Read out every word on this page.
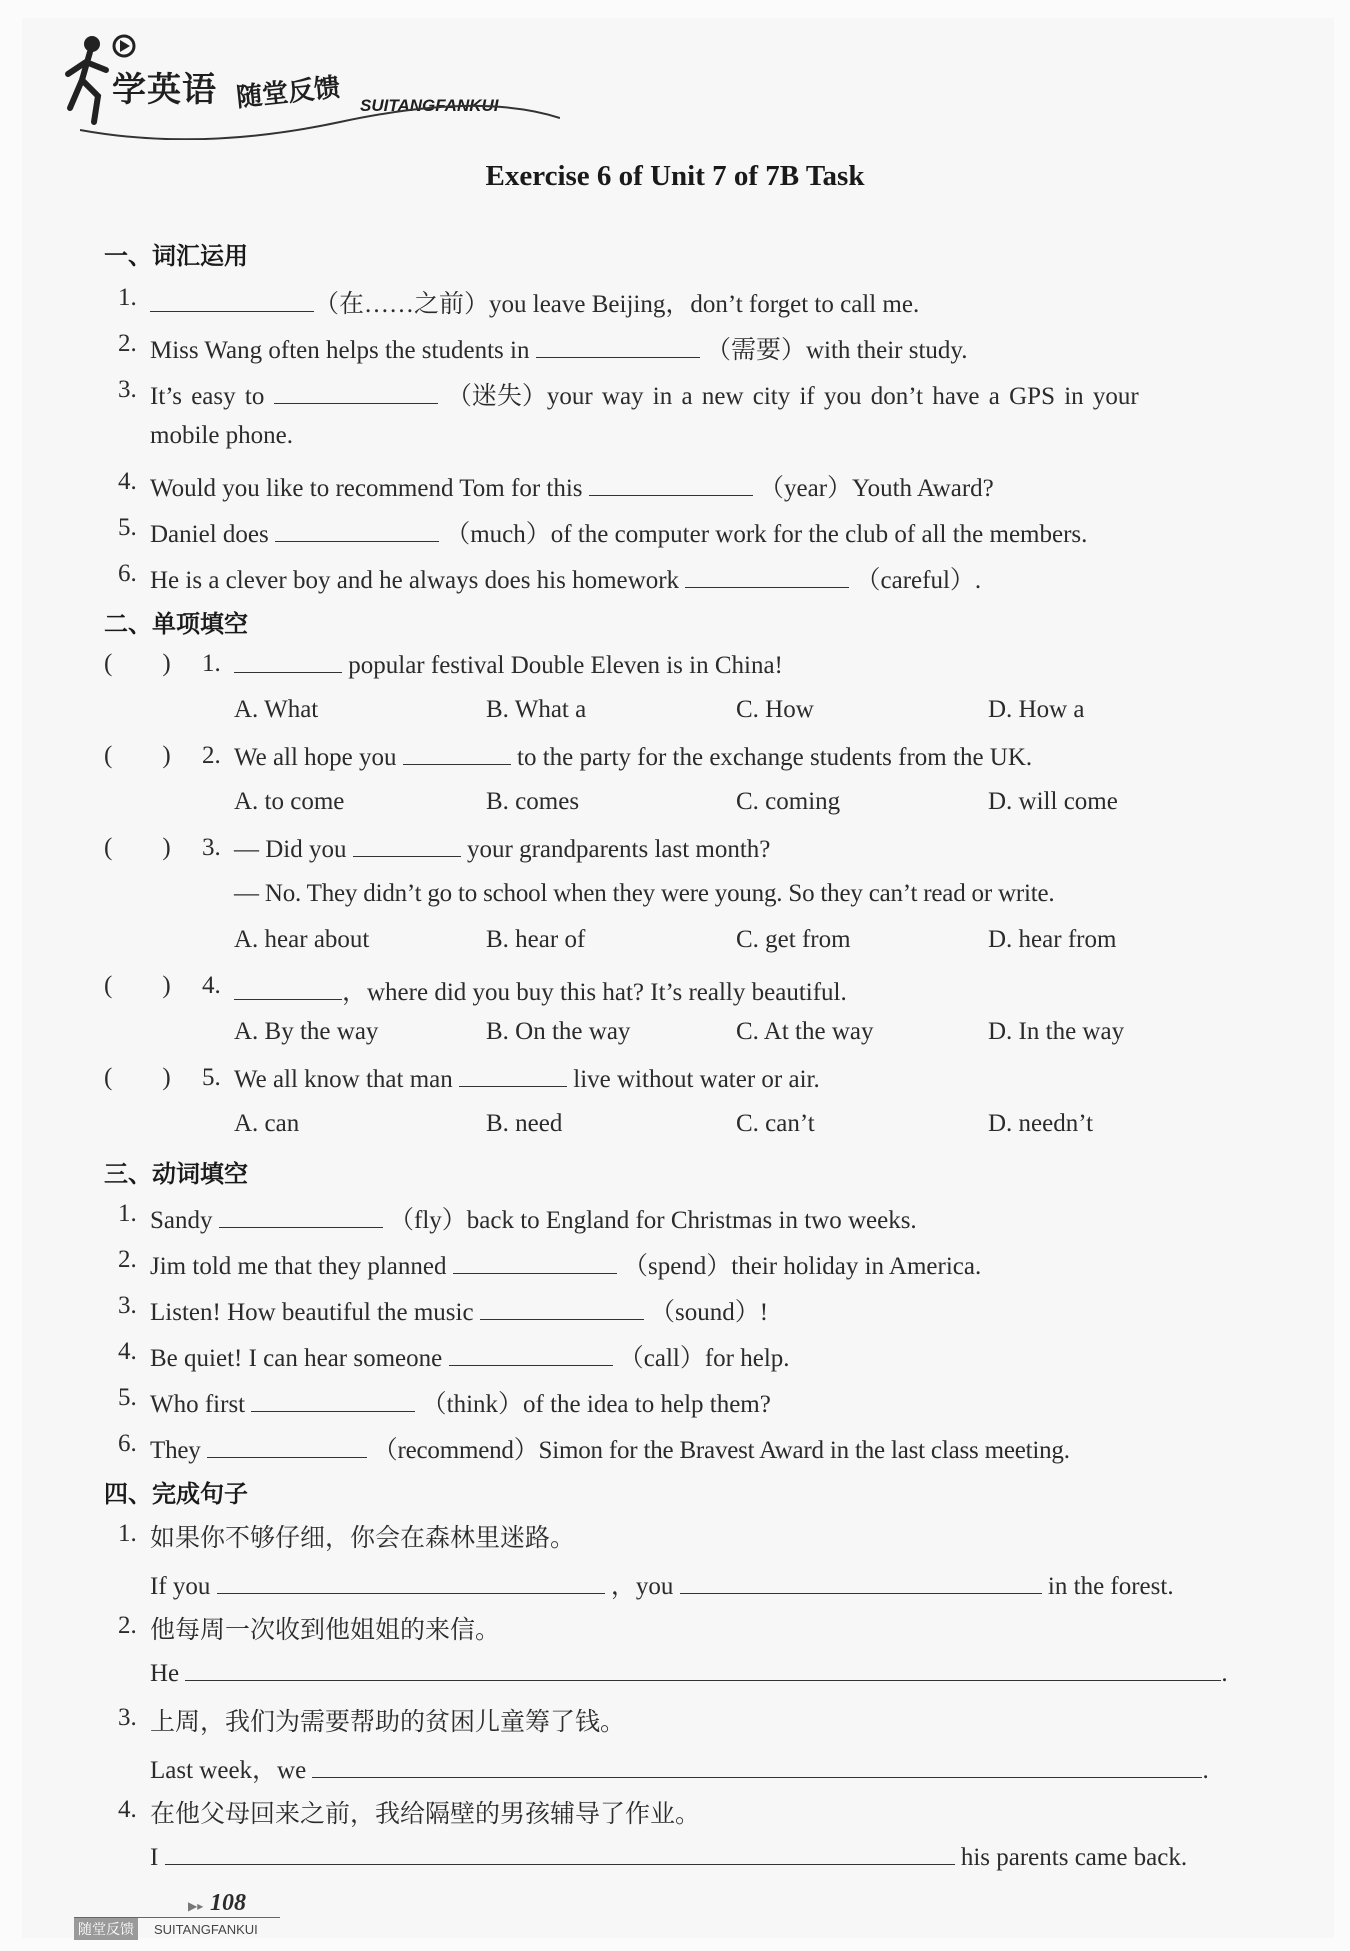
学英语 随堂反馈 SUITANGFANKUI
Exercise 6 of Unit 7 of 7B Task
一、词汇运用
1.	（在……之前）you leave Beijing，don’t forget to call me.
2. Miss Wang often helps the students in	（需要）with their study.
3. It’s easy to	（迷失）your way in a new city if you don’t have a GPS in your
mobile phone.
4. Would you like to recommend Tom for this	（year）Youth Award?
5. Daniel does	（much）of the computer work for the club of all the members.
6. He is a clever boy and he always does his homework	（careful）.
二、单项填空
(        ) 1.	popular festival Double Eleven is in China!
A. What	B. What a	C. How	D. How a
(        ) 2. We all hope you	to the party for the exchange students from the UK.
A. to come	B. comes	C. coming	D. will come
(        ) 3. — Did you	your grandparents last month?
— No. They didn’t go to school when they were young. So they can’t read or write.
A. hear about	B. hear of	C. get from	D. hear from
(        ) 4.	，where did you buy this hat? It’s really beautiful.
A. By the way	B. On the way	C. At the way	D. In the way
(        ) 5. We all know that man	live without water or air.
A. can	B. need	C. can’t	D. needn’t
三、动词填空
1. Sandy	（fly）back to England for Christmas in two weeks.
2. Jim told me that they planned	（spend）their holiday in America.
3. Listen! How beautiful the music	（sound）!
4. Be quiet! I can hear someone	（call）for help.
5. Who first	（think）of the idea to help them?
6. They	（recommend）Simon for the Bravest Award in the last class meeting.
四、完成句子
1. 如果你不够仔细，你会在森林里迷路。
If you	，you	in the forest.
2. 他每周一次收到他姐姐的来信。
He	.
3. 上周，我们为需要帮助的贫困儿童筹了钱。
Last week，we	.
4. 在他父母回来之前，我给隔壁的男孩辅导了作业。
I	his parents came back.
▶▸ 108
随堂反馈	SUITANGFANKUI
